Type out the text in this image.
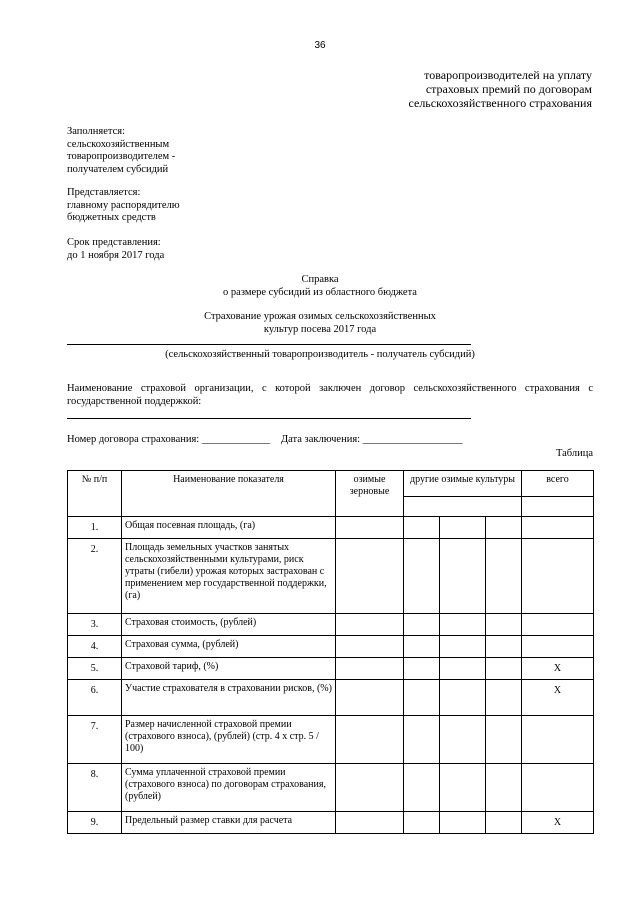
36
товаропроизводителей на уплату
страховых премий по договорам
сельскохозяйственного страхования
Заполняется:
сельскохозяйственным
товаропроизводителем -
получателем субсидий
Представляется:
главному распорядителю
бюджетных средств
Срок представления:
до 1 ноября 2017 года
Справка
о размере субсидий из областного бюджета
Страхование урожая озимых сельскохозяйственных
культур посева 2017 года
(сельскохозяйственный товаропроизводитель - получатель субсидий)
Наименование страховой организации, с которой заключен договор сельскохозяйственного страхования с государственной поддержкой:
Номер договора страхования: _____________ Дата заключения: ___________________
Таблица
№ п/п	Наименование показателя	озимые зерновые	другие озимые культуры			всего

1.	Общая посевная площадь, (га)					
2.	Площадь земельных участков занятых сельскохозяйственными культурами, риск утраты (гибели) урожая которых застрахован с применением мер государственной поддержки, (га)					
3.	Страховая стоимость, (рублей)					
4.	Страховая сумма, (рублей)					
5.	Страховой тариф, (%)					X
6.	Участие страхователя в страховании рисков, (%)					X
7.	Размер начисленной страховой премии (страхового взноса), (рублей) (стр. 4 x стр. 5 / 100)					
8.	Сумма уплаченной страховой премии (страхового взноса) по договорам страхования, (рублей)					
9.	Предельный размер ставки для расчета					X
